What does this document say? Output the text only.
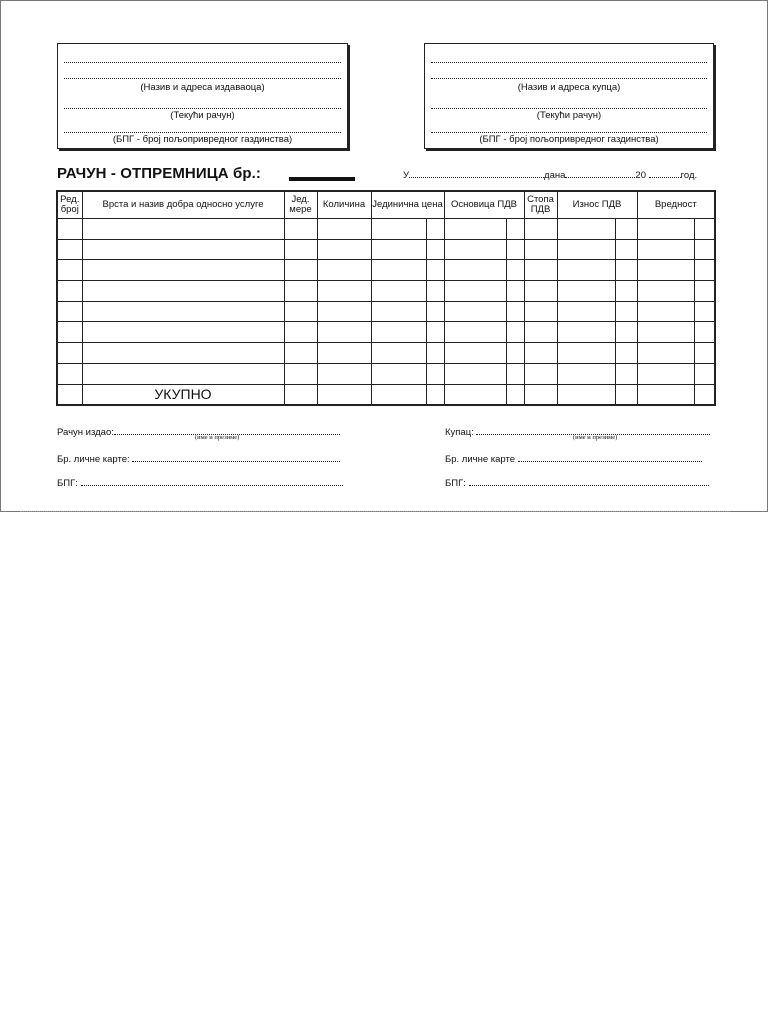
(Назив и адреса издаваоца)
(Текући рачун)
(БПГ - број пољопривредног газдинства)
(Назив и адреса купца)
(Текући рачун)
(БПГ - број пољопривредног газдинства)
РАЧУН - ОТПРЕМНИЦА бр.:	У	дана	20	год.
Ред. број	Врста и назив добра односно услуге	Јед. мере	Количина	Јединична цена		Основица ПДВ		Стопа ПДВ	Износ ПДВ		Вредност	

	УКУПНО											
Рачун издао:	(име и презиме)	Купац:	(име и презиме)
Бр. личне карте:	Бр. личне карте
БПГ:	БПГ:
